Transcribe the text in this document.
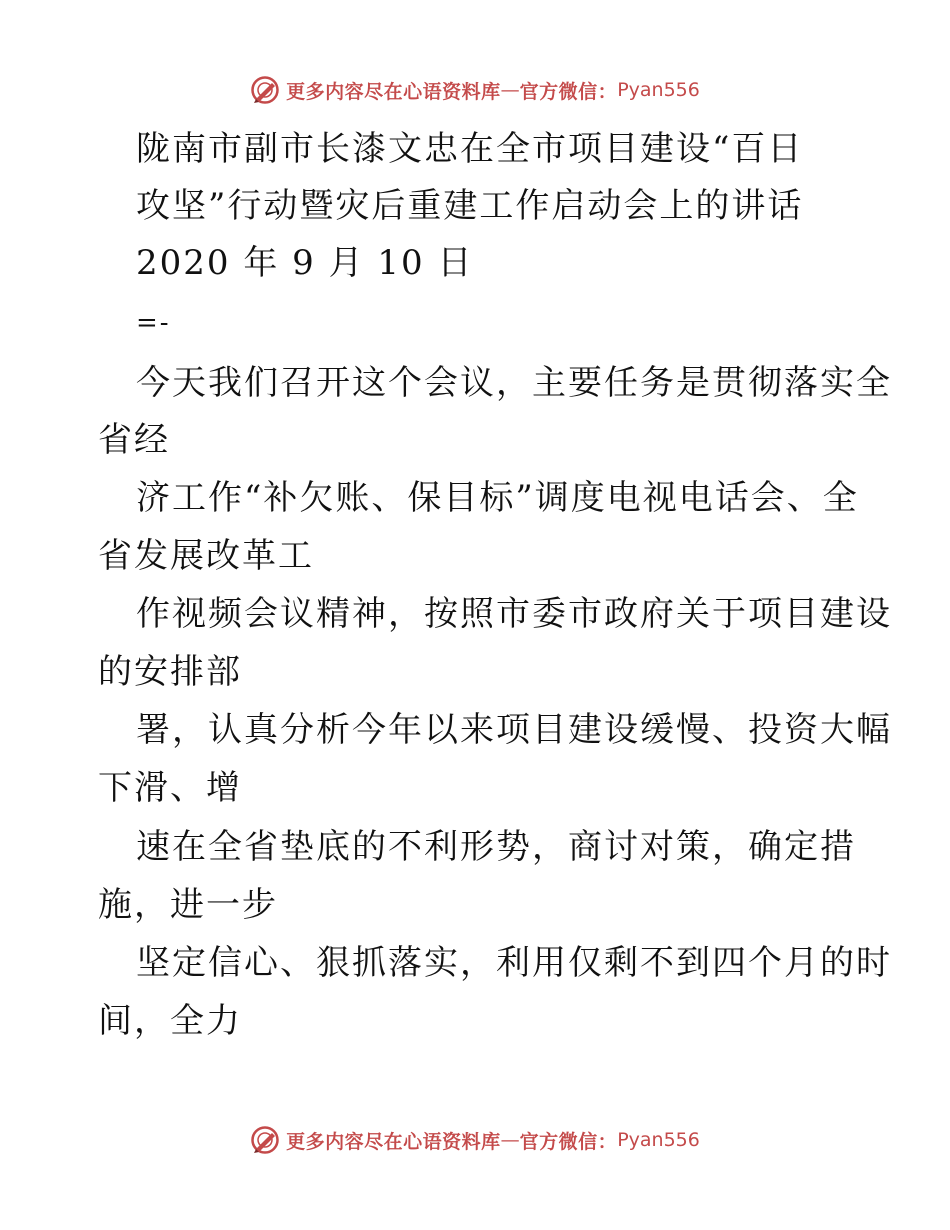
更多内容尽在心语资料库 — 官方微信： Pyan556
陇南市副市长漆文忠在全市项目建设“百日
攻坚”行动暨灾后重建工作启动会上的讲话
2020 年 9 月 10 日
=-
今天我们召开这个会议，主要任务是贯彻落实全
省经
济工作“补欠账、保目标”调度电视电话会、全
省发展改革工
作视频会议精神，按照市委市政府关于项目建设
的安排部
署，认真分析今年以来项目建设缓慢、投资大幅
下滑、增
速在全省垫底的不利形势，商讨对策，确定措
施，进一步
坚定信心、狠抓落实，利用仅剩不到四个月的时
间，全力
更多内容尽在心语资料库 — 官方微信： Pyan556
